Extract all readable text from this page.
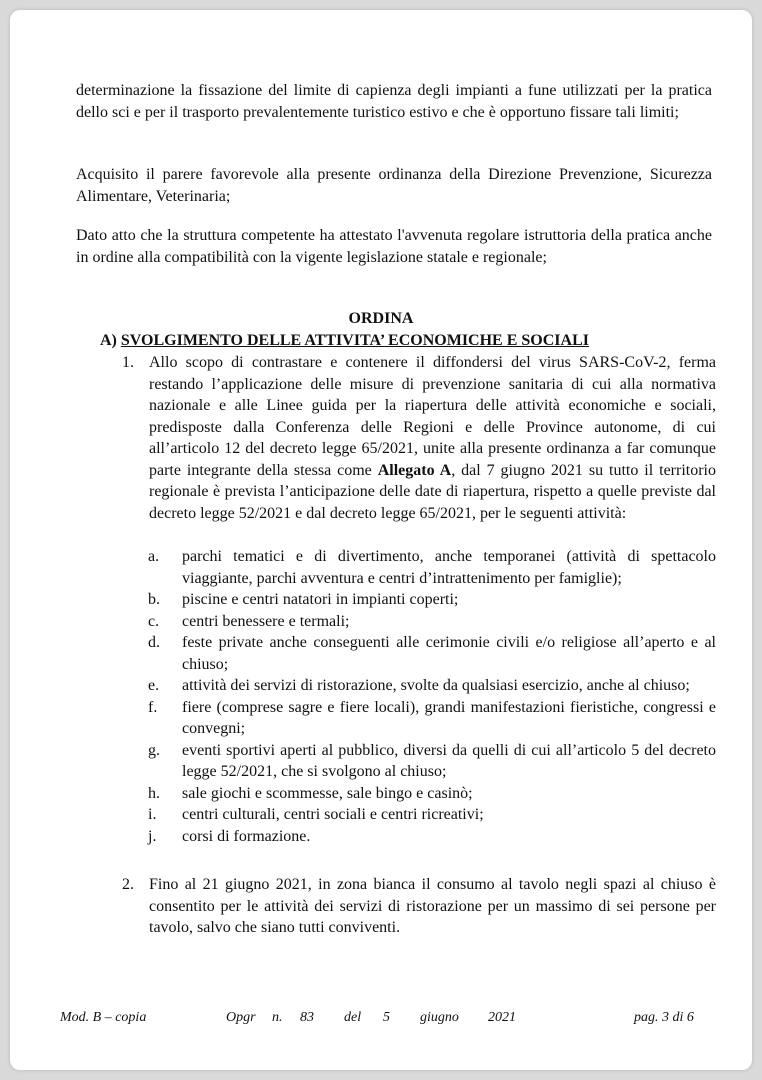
determinazione la fissazione del limite di capienza degli impianti a fune utilizzati per la pratica dello sci e per il trasporto prevalentemente turistico estivo e che è opportuno fissare tali limiti;

Acquisito il parere favorevole alla presente ordinanza della Direzione Prevenzione, Sicurezza Alimentare, Veterinaria;

Dato atto che la struttura competente ha attestato l'avvenuta regolare istruttoria della pratica anche in ordine alla compatibilità con la vigente legislazione statale e regionale;

ORDINA

A) SVOLGIMENTO DELLE ATTIVITA’ ECONOMICHE E SOCIALI

1. Allo scopo di contrastare e contenere il diffondersi del virus SARS-CoV-2, ferma restando l’applicazione delle misure di prevenzione sanitaria di cui alla normativa nazionale e alle Linee guida per la riapertura delle attività economiche e sociali, predisposte dalla Conferenza delle Regioni e delle Province autonome, di cui all’articolo 12 del decreto legge 65/2021, unite alla presente ordinanza a far comunque parte integrante della stessa come Allegato A, dal 7 giugno 2021 su tutto il territorio regionale è prevista l’anticipazione delle date di riapertura, rispetto a quelle previste dal decreto legge 52/2021 e dal decreto legge 65/2021, per le seguenti attività:
a. parchi tematici e di divertimento, anche temporanei (attività di spettacolo viaggiante, parchi avventura e centri d’intrattenimento per famiglie);
b. piscine e centri natatori in impianti coperti;
c. centri benessere e termali;
d. feste private anche conseguenti alle cerimonie civili e/o religiose all’aperto e al chiuso;
e. attività dei servizi di ristorazione, svolte da qualsiasi esercizio, anche al chiuso;
f. fiere (comprese sagre e fiere locali), grandi manifestazioni fieristiche, congressi e convegni;
g. eventi sportivi aperti al pubblico, diversi da quelli di cui all’articolo 5 del decreto legge 52/2021, che si svolgono al chiuso;
h. sale giochi e scommesse, sale bingo e casinò;
i. centri culturali, centri sociali e centri ricreativi;
j. corsi di formazione.
2. Fino al 21 giugno 2021, in zona bianca il consumo al tavolo negli spazi al chiuso è consentito per le attività dei servizi di ristorazione per un massimo di sei persone per tavolo, salvo che siano tutti conviventi.
Mod. B – copia	Opgr n. 83 del 5 giugno 2021	pag. 3 di 6
